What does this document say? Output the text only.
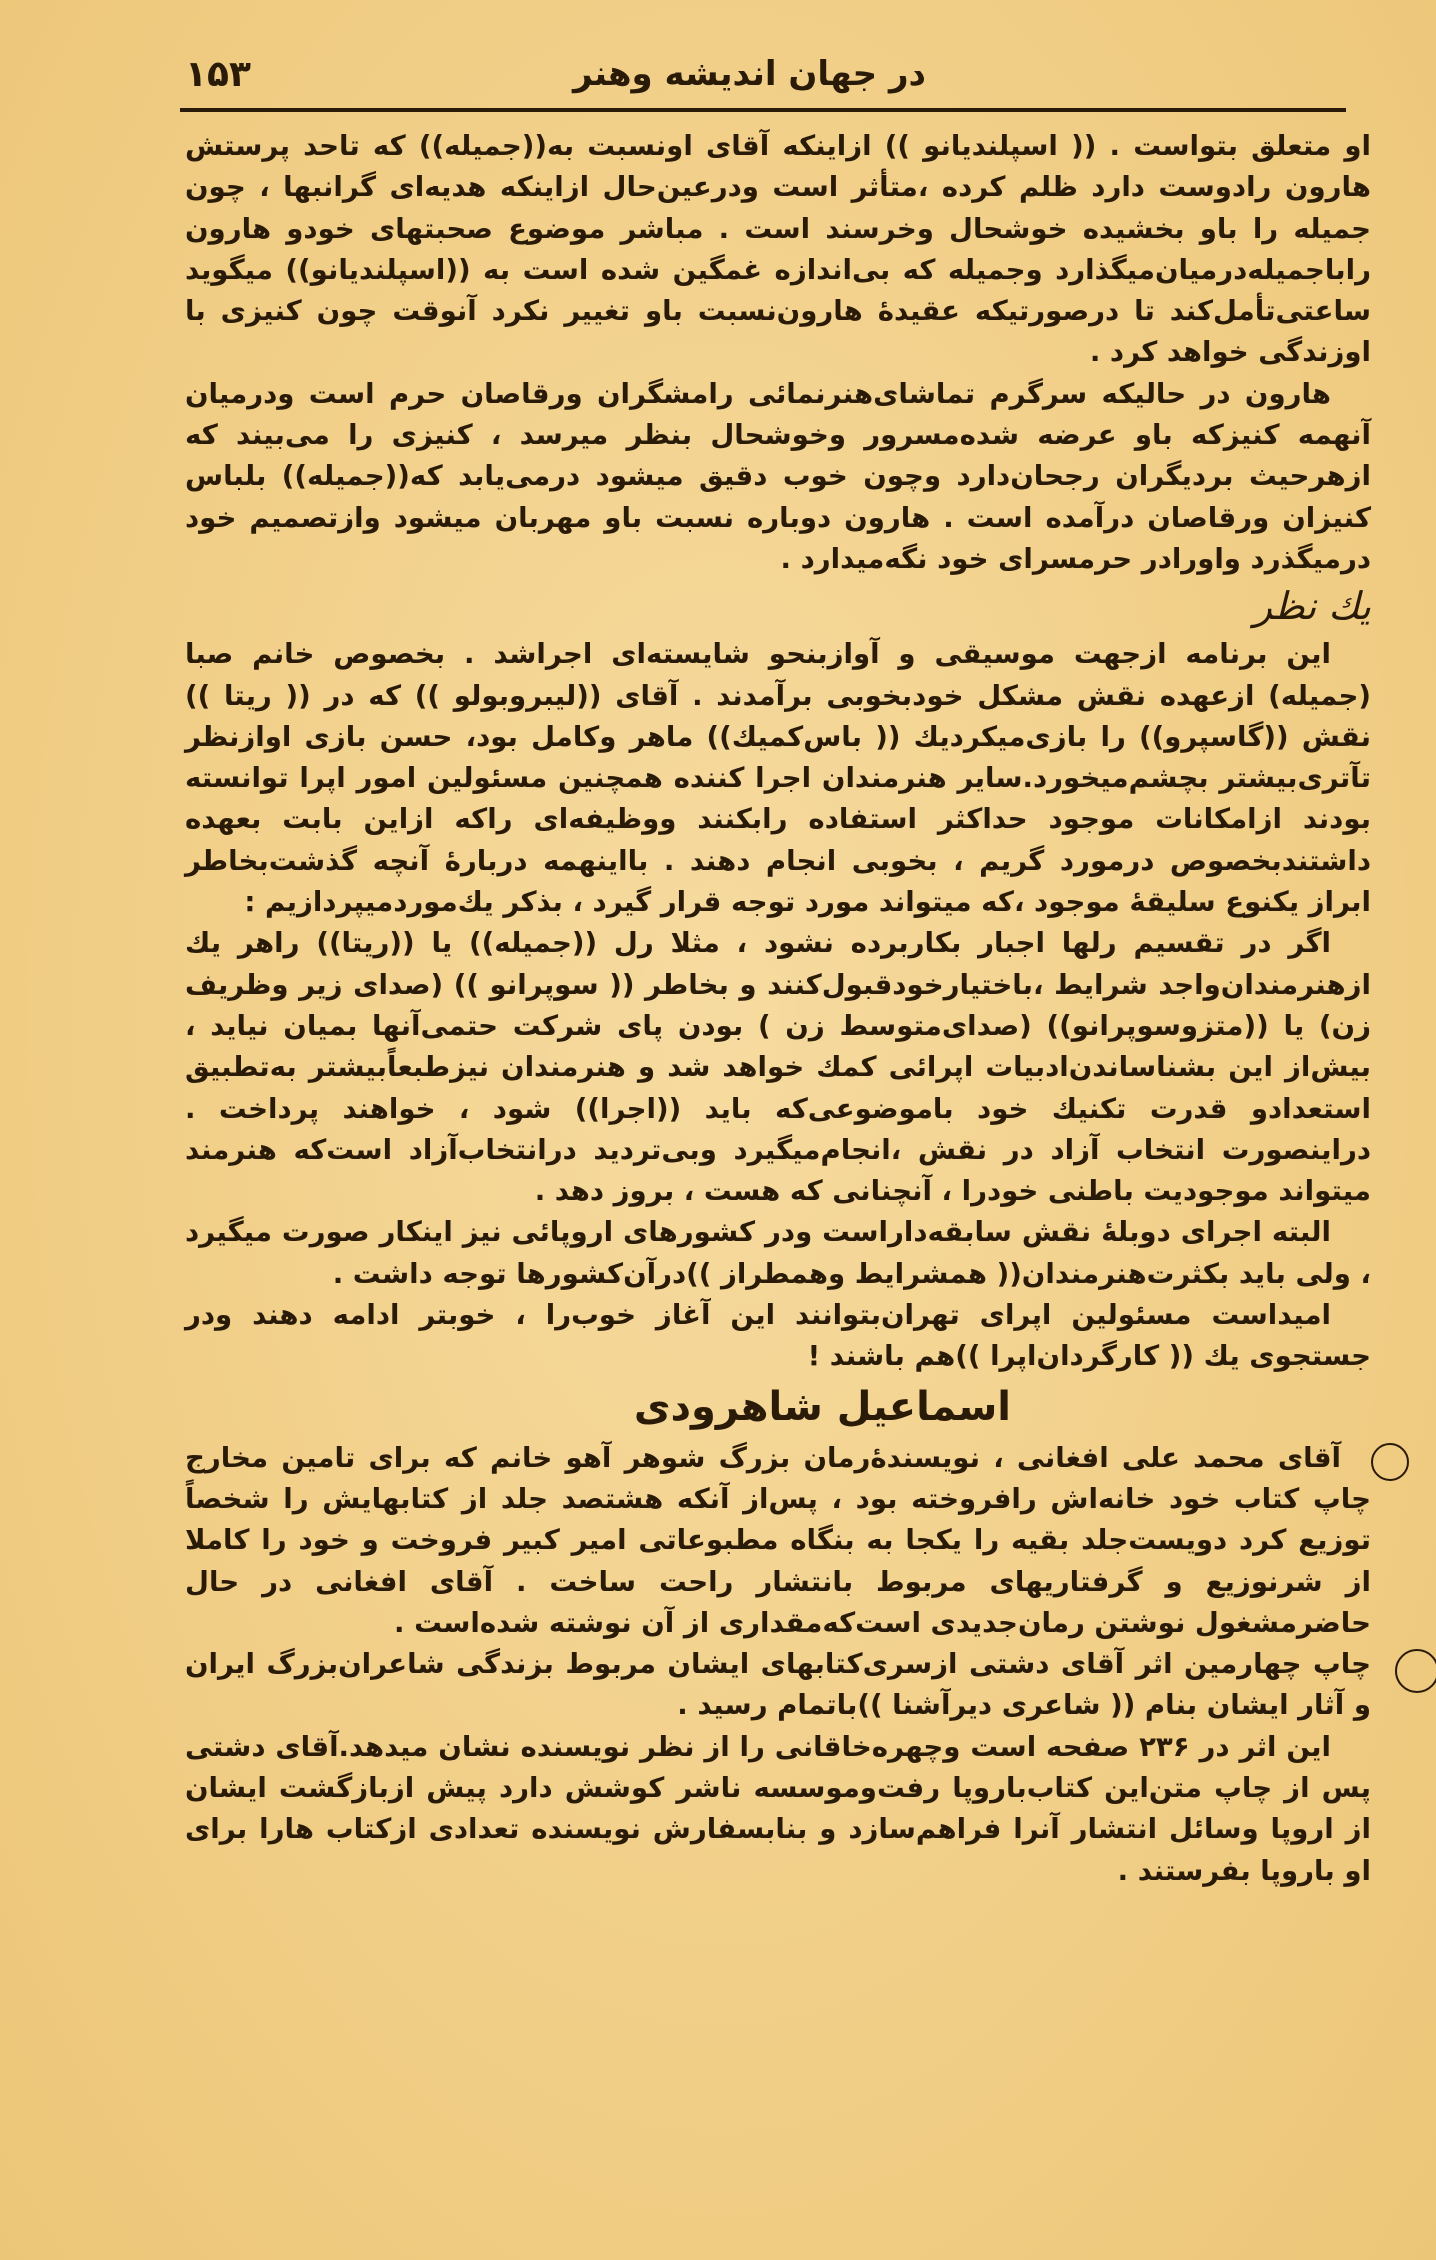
در جهان اندیشه وهنر
۱۵۳

او متعلق بتواست . (( اسپلندیانو )) ازاینکه آقای اونسبت به((جمیله)) که تاحد پرستش هارون رادوست دارد ظلم کرده ،متأثر است ودرعین‌حال ازاینکه هدیه‌ای گرانبها ، چون جمیله را باو بخشیده خوشحال وخرسند است . مباشر موضوع صحبتهای خودو هارون راباجمیله‌درمیان‌میگذارد وجمیله که بی‌اندازه غمگین شده است به ((اسپلندیانو)) میگوید ساعتی‌تأمل‌کند تا درصورتیکه عقیدهٔ هارون‌نسبت باو تغییر نکرد آنوقت چون کنیزی با اوزندگی خواهد کرد .

هارون در حالیکه سرگرم تماشای‌هنرنمائی رامشگران ورقاصان حرم است ودرمیان آنهمه کنیزکه باو عرضه شده‌مسرور وخوشحال بنظر میرسد ، کنیزی را می‌بیند که ازهرحیث بردیگران رجحان‌دارد وچون خوب دقیق میشود درمی‌یابد که((جمیله)) بلباس کنیزان ورقاصان درآمده است . هارون دوباره نسبت باو مهربان میشود وازتصمیم خود درمیگذرد واورادر حرمسرای خود نگه‌میدارد .

یك نظر

این برنامه ازجهت موسیقی و آوازبنحو شایسته‌ای اجراشد . بخصوص خانم صبا (جمیله) ازعهده نقش مشکل خودبخوبی برآمدند . آقای ((لیبروبولو )) که در (( ریتا )) نقش ((گاسپرو)) را بازی‌میکرد‌یك (( باس‌کمیك)) ماهر وکامل بود، حسن بازی اوازنظر تآتری‌بیشتر بچشم‌میخورد.سایر هنرمندان اجرا کننده همچنین مسئولین امور اپرا توانسته بودند ازامکانات موجود حداکثر استفاده رابکنند ووظیفه‌ای راکه ازاین بابت بعهده داشتندبخصوص درمورد گریم ، بخوبی انجام دهند . بااینهمه دربارهٔ آنچه گذشت‌بخاطر ابراز یکنوع سلیقهٔ موجود ،که میتواند مورد توجه قرار گیرد ، بذکر یك‌موردمیپردازیم :

اگر در تقسیم رلها اجبار بکاربرده نشود ، مثلا رل ((جمیله)) یا ((ریتا)) راهر یك ازهنرمندان‌واجد شرایط ،باختیارخود‌قبول‌کنند و بخاطر (( سوپرانو )) (صدای زیر وظریف زن) یا ((متزوسوپرانو)) (صدای‌متوسط زن ) بودن پای شرکت حتمی‌آنها بمیان نیاید ، بیش‌از این بشناساندن‌ادبیات اپرائی کمك خواهد شد و هنرمندان نیزطبعاًبیشتر به‌تطبیق استعدادو قدرت تکنیك خود باموضوعی‌که باید ((اجرا)) شود ، خواهند پرداخت . دراینصورت انتخاب آزاد در نقش ،انجام‌میگیرد وبی‌تردید درانتخاب‌آزاد است‌که هنرمند میتواند موجودیت باطنی خودرا ، آنچنانی که هست ، بروز دهد .

البته اجرای دوبلهٔ نقش سابقه‌داراست ودر کشورهای اروپائی نیز اینکار صورت میگیرد ، ولی باید بکثرت‌هنرمندان(( همشرایط وهمطراز ))درآن‌کشورها توجه داشت .

امیداست مسئولین اپرای تهران‌بتوانند این آغاز خوب‌را ، خوبتر ادامه دهند ودر جستجوی یك (( کارگردان‌اپرا ))هم باشند !

اسماعیل شاهرودی

آقای محمد علی افغانی ، نویسندهٔ‌رمان بزرگ شوهر آهو خانم که برای تامین مخارج چاپ کتاب خود خانه‌اش رافروخته بود ، پس‌از آنکه هشتصد جلد از کتابهایش را شخصاً توزیع کرد دویست‌جلد بقیه را یکجا به بنگاه مطبوعاتی امیر کبیر فروخت و خود را کاملا از شرنوزیع و گرفتاریهای مربوط بانتشار راحت ساخت . آقای افغانی در حال حاضرمشغول نوشتن رمان‌جدیدی است‌که‌مقداری از آن نوشته شده‌است .

چاپ چهارمین اثر آقای دشتی ازسری‌کتابهای ایشان مربوط بزندگی شاعران‌بزرگ ایران و آثار ایشان بنام (( شاعری دیرآشنا ))باتمام رسید .

این اثر در ۲۳۶ صفحه است وچهره‌خاقانی را از نظر نویسنده نشان میدهد.آقای دشتی پس از چاپ متن‌این کتاب‌باروپا رفت‌وموسسه ناشر کوشش دارد پیش ازبازگشت ایشان از اروپا وسائل انتشار آنرا فراهم‌سازد و بنابسفارش نویسنده تعدادی ازکتاب هارا برای او باروپا بفرستند .
